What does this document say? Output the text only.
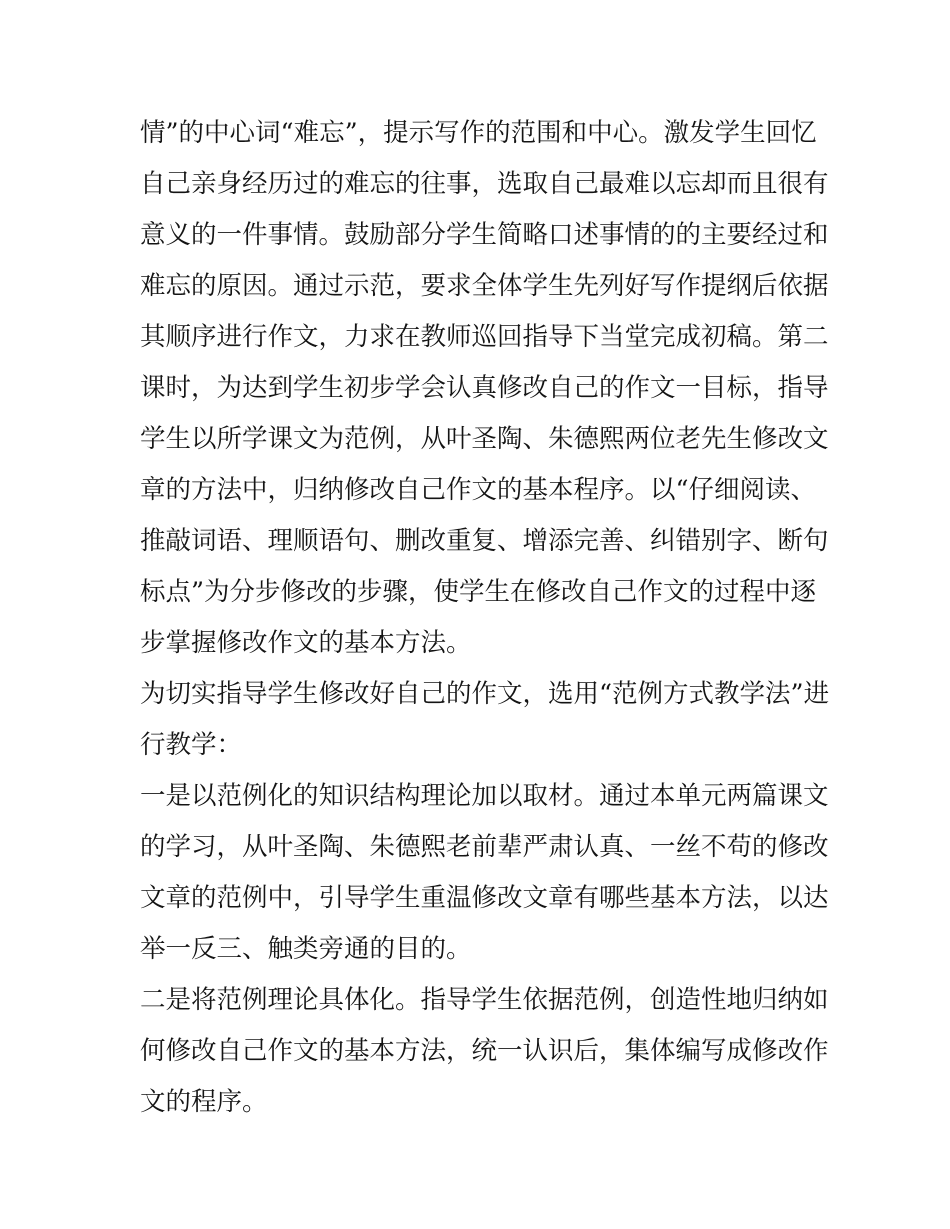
情”的中心词“难忘”，提示写作的范围和中心。激发学生回忆
自己亲身经历过的难忘的往事，选取自己最难以忘却而且很有
意义的一件事情。鼓励部分学生简略口述事情的的主要经过和
难忘的原因。通过示范，要求全体学生先列好写作提纲后依据
其顺序进行作文，力求在教师巡回指导下当堂完成初稿。第二
课时，为达到学生初步学会认真修改自己的作文一目标，指导
学生以所学课文为范例，从叶圣陶、朱德熙两位老先生修改文
章的方法中，归纳修改自己作文的基本程序。以“仔细阅读、
推敲词语、理顺语句、删改重复、增添完善、纠错别字、断句
标点”为分步修改的步骤，使学生在修改自己作文的过程中逐
步掌握修改作文的基本方法。
为切实指导学生修改好自己的作文，选用“范例方式教学法”进
行教学：
一是以范例化的知识结构理论加以取材。通过本单元两篇课文
的学习，从叶圣陶、朱德熙老前辈严肃认真、一丝不苟的修改
文章的范例中，引导学生重温修改文章有哪些基本方法，以达
举一反三、触类旁通的目的。
二是将范例理论具体化。指导学生依据范例，创造性地归纳如
何修改自己作文的基本方法，统一认识后，集体编写成修改作
文的程序。
